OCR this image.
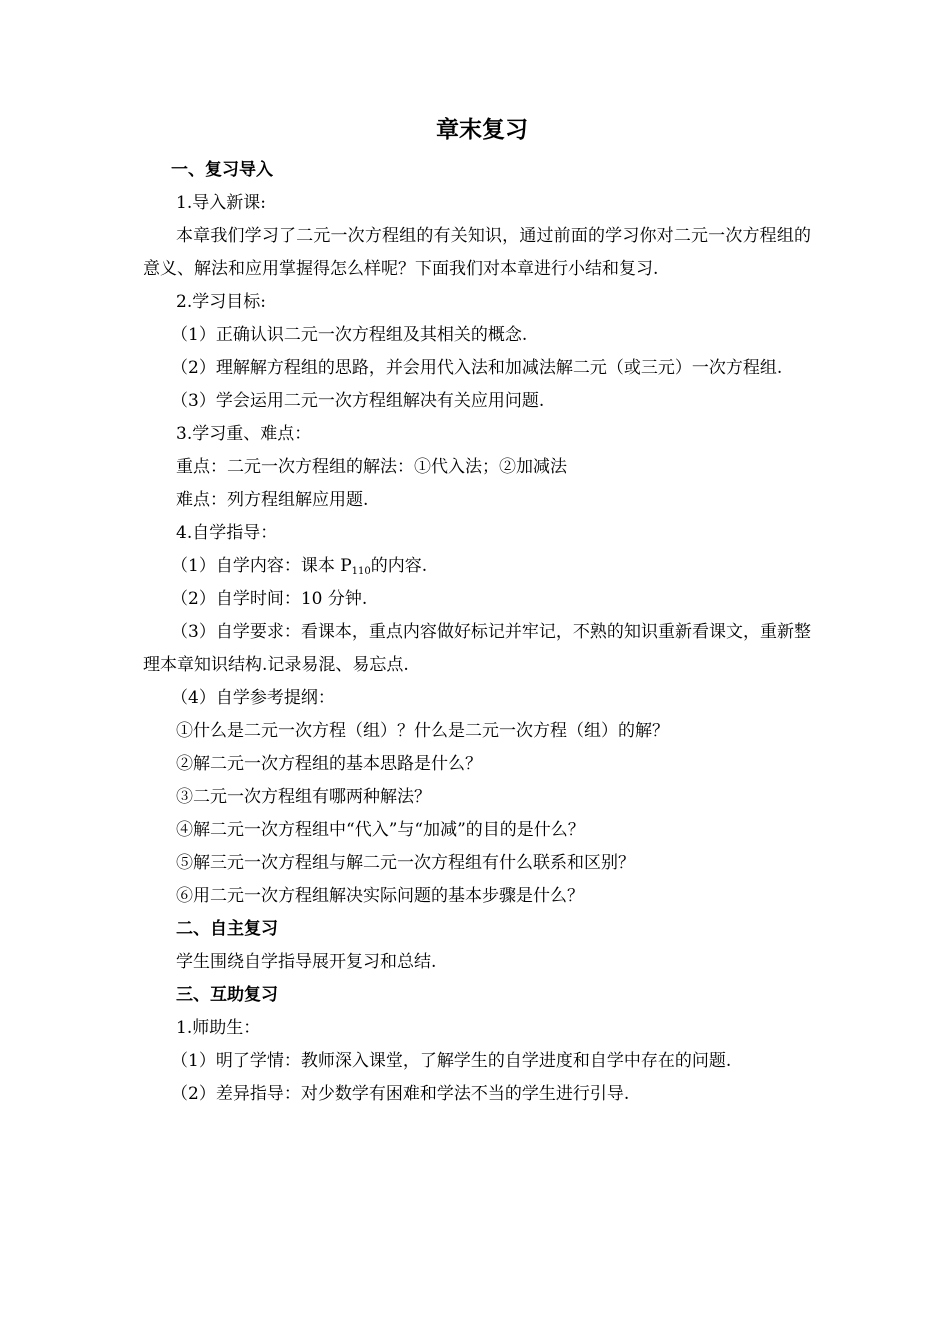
章末复习
一、复习导入
1.导入新课:

本章我们学习了二元一次方程组的有关知识，通过前面的学习你对二元一次方程组的意义、解法和应用掌握得怎么样呢？下面我们对本章进行小结和复习.

2.学习目标:
（1）正确认识二元一次方程组及其相关的概念.

（2）理解解方程组的思路，并会用代入法和加减法解二元（或三元）一次方程组.

（3）学会运用二元一次方程组解决有关应用问题.
3.学习重、难点：
重点：二元一次方程组的解法：①代入法；②加减法
难点：列方程组解应用题.
4.自学指导：
（1）自学内容：课本 $P_{110}$的内容.
（2）自学时间：10 分钟.

（3）自学要求：看课本，重点内容做好标记并牢记，不熟的知识重新看课文，重新整理本章知识结构.记录易混、易忘点.

（4）自学参考提纲：
①什么是二元一次方程（组）？什么是二元一次方程（组）的解？
②解二元一次方程组的基本思路是什么？
③二元一次方程组有哪两种解法？
④解二元一次方程组中“代入”与“加减”的目的是什么？
⑤解三元一次方程组与解二元一次方程组有什么联系和区别？
⑥用二元一次方程组解决实际问题的基本步骤是什么？
二、自主复习
学生围绕自学指导展开复习和总结.
三、互助复习
1.师助生：
（1）明了学情：教师深入课堂，了解学生的自学进度和自学中存在的问题.
（2）差异指导：对少数学有困难和学法不当的学生进行引导.
